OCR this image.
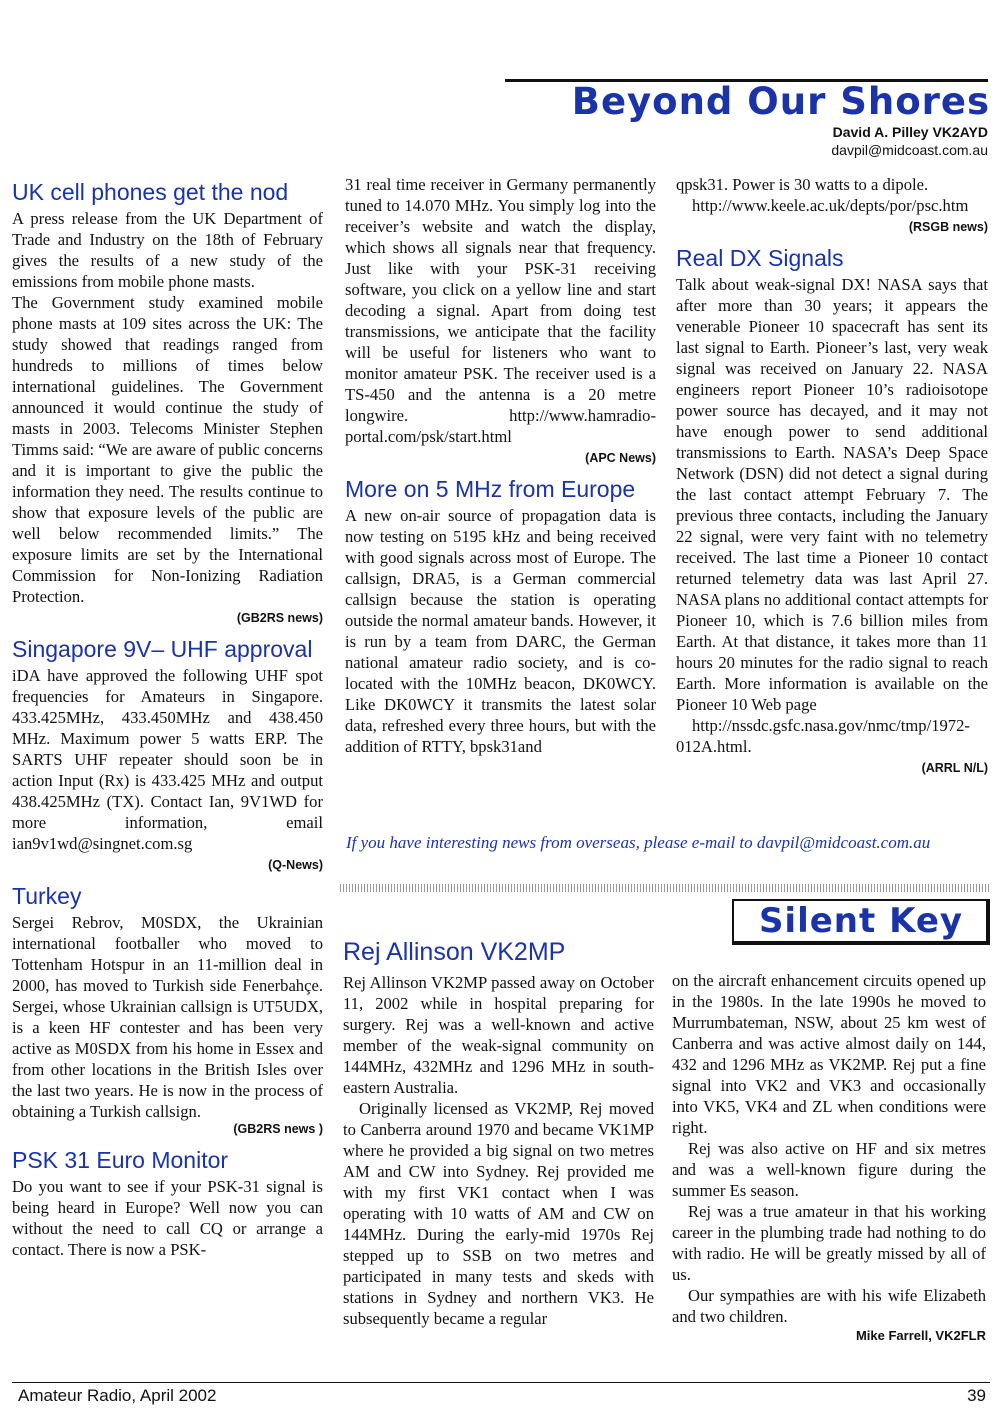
Beyond Our Shores
David A. Pilley VK2AYD
davpil@midcoast.com.au
UK cell phones get the nod

A press release from the UK Department of Trade and Industry on the 18th of February gives the results of a new study of the emissions from mobile phone masts.

The Government study examined mobile phone masts at 109 sites across the UK: The study showed that readings ranged from hundreds to millions of times below international guidelines. The Government announced it would continue the study of masts in 2003. Telecoms Minister Stephen Timms said: “We are aware of public concerns and it is important to give the public the information they need. The results continue to show that exposure levels of the public are well below recommended limits.” The exposure limits are set by the International Commission for Non-Ionizing Radiation Protection.

(GB2RS news)
Singapore 9V– UHF approval

iDA have approved the following UHF spot frequencies for Amateurs in Singapore. 433.425MHz, 433.450MHz and 438.450 MHz. Maximum power 5 watts ERP. The SARTS UHF repeater should soon be in action Input (Rx) is 433.425 MHz and output 438.425MHz (TX). Contact Ian, 9V1WD for more information, email ian9v1wd@singnet.com.sg

(Q-News)
Turkey

Sergei Rebrov, M0SDX, the Ukrainian international footballer who moved to Tottenham Hotspur in an 11-million deal in 2000, has moved to Turkish side Fenerbahçe. Sergei, whose Ukrainian callsign is UT5UDX, is a keen HF contester and has been very active as M0SDX from his home in Essex and from other locations in the British Isles over the last two years. He is now in the process of obtaining a Turkish callsign.

(GB2RS news )
PSK 31 Euro Monitor

Do you want to see if your PSK-31 signal is being heard in Europe? Well now you can without the need to call CQ or arrange a contact. There is now a PSK-

31 real time receiver in Germany permanently tuned to 14.070 MHz. You simply log into the receiver’s website and watch the display, which shows all signals near that frequency. Just like with your PSK-31 receiving software, you click on a yellow line and start decoding a signal. Apart from doing test transmissions, we anticipate that the facility will be useful for listeners who want to monitor amateur PSK. The receiver used is a TS-450 and the antenna is a 20 metre longwire. http://www.hamradio-portal.com/psk/start.html

(APC News)
More on 5 MHz from Europe

A new on-air source of propagation data is now testing on 5195 kHz and being received with good signals across most of Europe. The callsign, DRA5, is a German commercial callsign because the station is operating outside the normal amateur bands. However, it is run by a team from DARC, the German national amateur radio society, and is co-located with the 10MHz beacon, DK0WCY. Like DK0WCY it transmits the latest solar data, refreshed every three hours, but with the addition of RTTY, bpsk31and

qpsk31. Power is 30 watts to a dipole.

http://www.keele.ac.uk/depts/por/psc.htm

(RSGB news)
Real DX Signals

Talk about weak-signal DX! NASA says that after more than 30 years; it appears the venerable Pioneer 10 spacecraft has sent its last signal to Earth. Pioneer’s last, very weak signal was received on January 22. NASA engineers report Pioneer 10’s radioisotope power source has decayed, and it may not have enough power to send additional transmissions to Earth. NASA’s Deep Space Network (DSN) did not detect a signal during the last contact attempt February 7. The previous three contacts, including the January 22 signal, were very faint with no telemetry received. The last time a Pioneer 10 contact returned telemetry data was last April 27. NASA plans no additional contact attempts for Pioneer 10, which is 7.6 billion miles from Earth. At that distance, it takes more than 11 hours 20 minutes for the radio signal to reach Earth. More information is available on the Pioneer 10 Web page

http://nssdc.gsfc.nasa.gov/nmc/tmp/1972-012A.html.

(ARRL N/L)
If you have interesting news from overseas, please e-mail to davpil@midcoast.com.au
Silent Key
Rej Allinson VK2MP

Rej Allinson VK2MP passed away on October 11, 2002 while in hospital preparing for surgery. Rej was a well-known and active member of the weak-signal community on 144MHz, 432MHz and 1296 MHz in south-eastern Australia.

Originally licensed as VK2MP, Rej moved to Canberra around 1970 and became VK1MP where he provided a big signal on two metres AM and CW into Sydney. Rej provided me with my first VK1 contact when I was operating with 10 watts of AM and CW on 144MHz. During the early-mid 1970s Rej stepped up to SSB on two metres and participated in many tests and skeds with stations in Sydney and northern VK3. He subsequently became a regular

on the aircraft enhancement circuits opened up in the 1980s. In the late 1990s he moved to Murrumbateman, NSW, about 25 km west of Canberra and was active almost daily on 144, 432 and 1296 MHz as VK2MP. Rej put a fine signal into VK2 and VK3 and occasionally into VK5, VK4 and ZL when conditions were right.

Rej was also active on HF and six metres and was a well-known figure during the summer Es season.

Rej was a true amateur in that his working career in the plumbing trade had nothing to do with radio. He will be greatly missed by all of us.

Our sympathies are with his wife Elizabeth and two children.

Mike Farrell, VK2FLR
Amateur Radio, April 2002	39
